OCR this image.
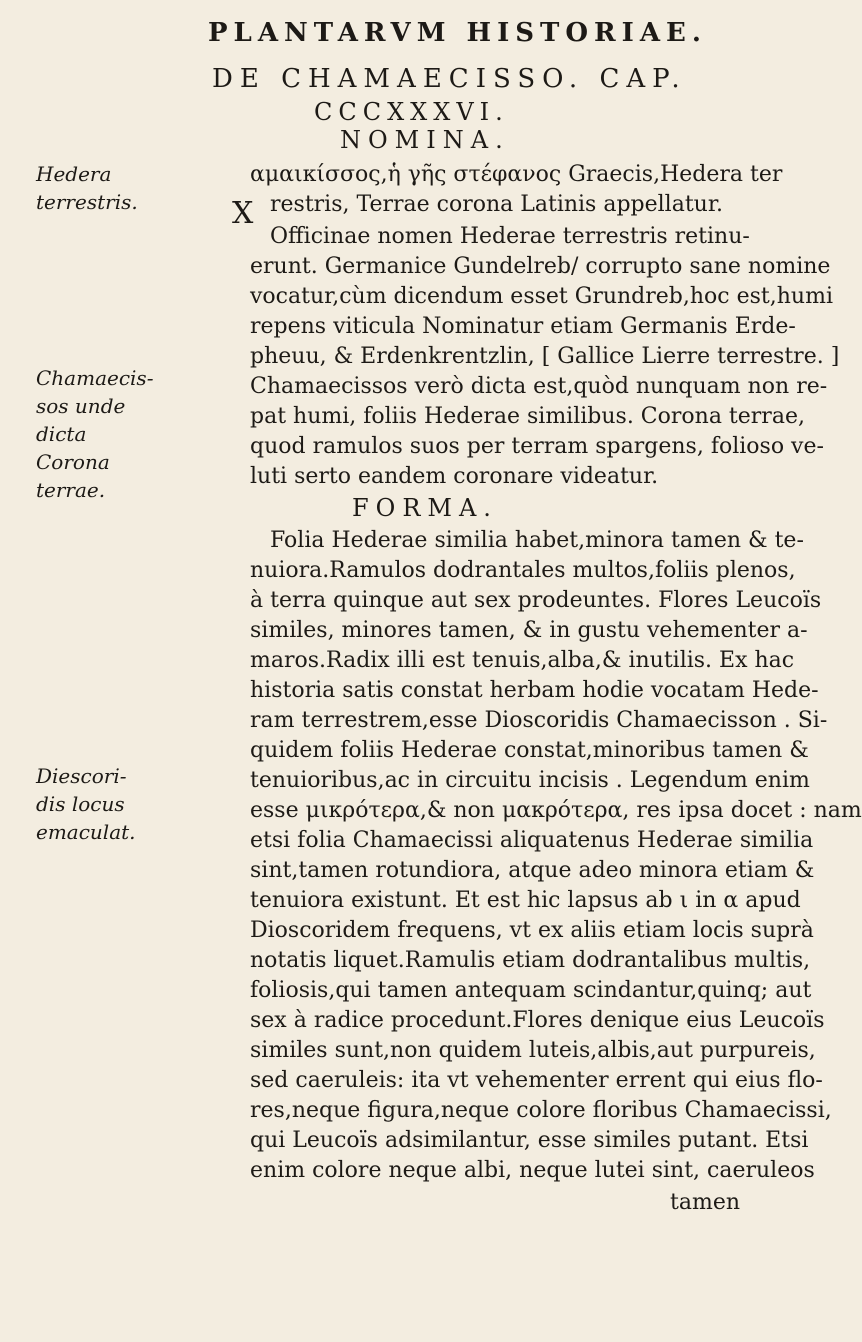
PLANTARVM HISTORIAE.
DE CHAMAECISSO. CAP.
CCCXXXVI.
NOMINA.
X
Hedera
terrestris.
Chamaecis-
sos unde
dicta
Corona
terrae.
Diescori-
dis locus
emaculat.
αμαικίσσος,ἡ γῆς στέφανος Graecis,Hedera ter
restris, Terrae corona Latinis appellatur.
Officinae nomen Hederae terrestris retinu-
erunt. Germanice Gundelreb/ corrupto sane nomine
vocatur,cùm dicendum esset Grundreb,hoc est,humi
repens viticula Nominatur etiam Germanis Erde-
pheuu, & Erdenkrentzlin, [ Gallice Lierre terrestre. ]
Chamaecissos verò dicta est,quòd nunquam non re-
pat humi, foliis Hederae similibus. Corona terrae,
quod ramulos suos per terram spargens, folioso ve-
luti serto eandem coronare videatur.
FORMA.
Folia Hederae similia habet,minora tamen & te-
nuiora.Ramulos dodrantales multos,foliis plenos,
à terra quinque aut sex prodeuntes. Flores Leucoïs
similes, minores tamen, & in gustu vehementer a-
maros.Radix illi est tenuis,alba,& inutilis. Ex hac
historia satis constat herbam hodie vocatam Hede-
ram terrestrem,esse Dioscoridis Chamaecisson . Si-
quidem foliis Hederae constat,minoribus tamen &
tenuioribus,ac in circuitu incisis . Legendum enim
esse μικρότερα,& non μακρότερα, res ipsa docet : nam
etsi folia Chamaecissi aliquatenus Hederae similia
sint,tamen rotundiora, atque adeo minora etiam &
tenuiora existunt. Et est hic lapsus ab ι in α apud
Dioscoridem frequens, vt ex aliis etiam locis suprà
notatis liquet.Ramulis etiam dodrantalibus multis,
foliosis,qui tamen antequam scindantur,quinq; aut
sex à radice procedunt.Flores denique eius Leucoïs
similes sunt,non quidem luteis,albis,aut purpureis,
sed caeruleis: ita vt vehementer errent qui eius flo-
res,neque figura,neque colore floribus Chamaecissi,
qui Leucoïs adsimilantur, esse similes putant. Etsi
enim colore neque albi, neque lutei sint, caeruleos
tamen
